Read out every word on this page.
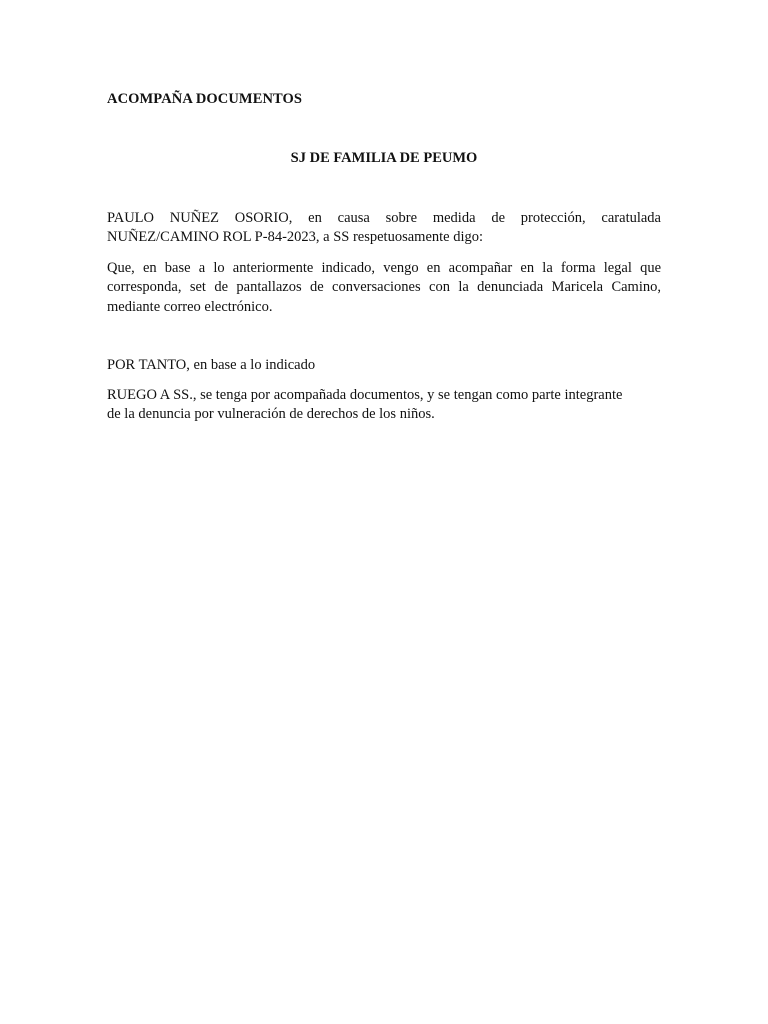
ACOMPAÑA DOCUMENTOS

SJ DE FAMILIA DE PEUMO

PAULO NUÑEZ OSORIO, en causa sobre medida de protección, caratulada NUÑEZ/CAMINO ROL P-84-2023, a SS respetuosamente digo:

Que, en base a lo anteriormente indicado, vengo en acompañar en la forma legal que corresponda, set de pantallazos de conversaciones con la denunciada Maricela Camino, mediante correo electrónico.

POR TANTO, en base a lo indicado

RUEGO A SS., se tenga por acompañada documentos, y se tengan como parte integrante
de la denuncia por vulneración de derechos de los niños.
